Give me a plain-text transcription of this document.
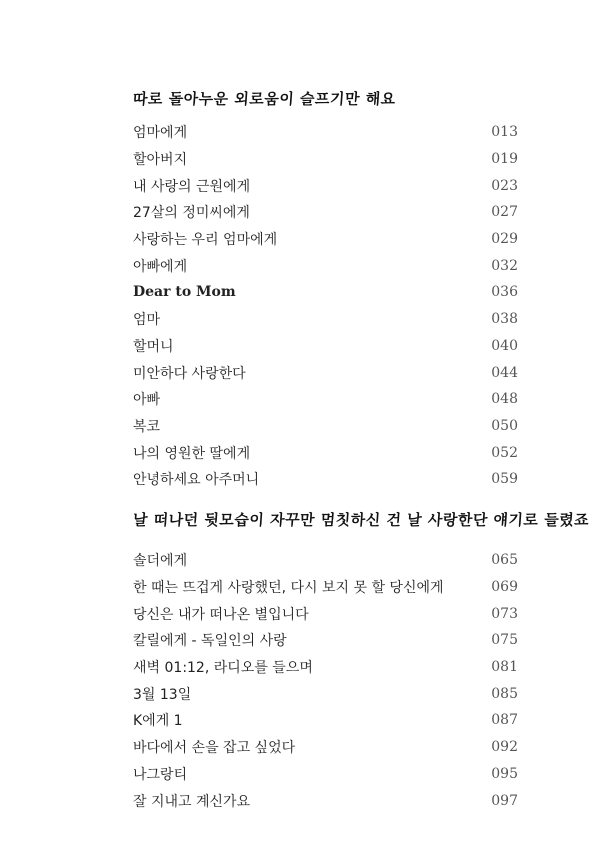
따로 돌아누운 외로움이 슬프기만 해요
엄마에게	013
할아버지	019
내 사랑의 근원에게	023
27살의 정미씨에게	027
사랑하는 우리 엄마에게	029
아빠에게	032
Dear to Mom	036
엄마	038
할머니	040
미안하다 사랑한다	044
아빠	048
복코	050
나의 영원한 딸에게	052
안녕하세요 아주머니	059
날 떠나던 뒷모습이 자꾸만 멈칫하신 건 날 사랑한단 얘기로 들렸죠
솔더에게	065
한 때는 뜨겁게 사랑했던, 다시 보지 못 할 당신에게	069
당신은 내가 떠나온 별입니다	073
칼릴에게 - 독일인의 사랑	075
새벽 01:12, 라디오를 들으며	081
3월 13일	085
K에게 1	087
바다에서 손을 잡고 싶었다	092
나그랑티	095
잘 지내고 계신가요	097
